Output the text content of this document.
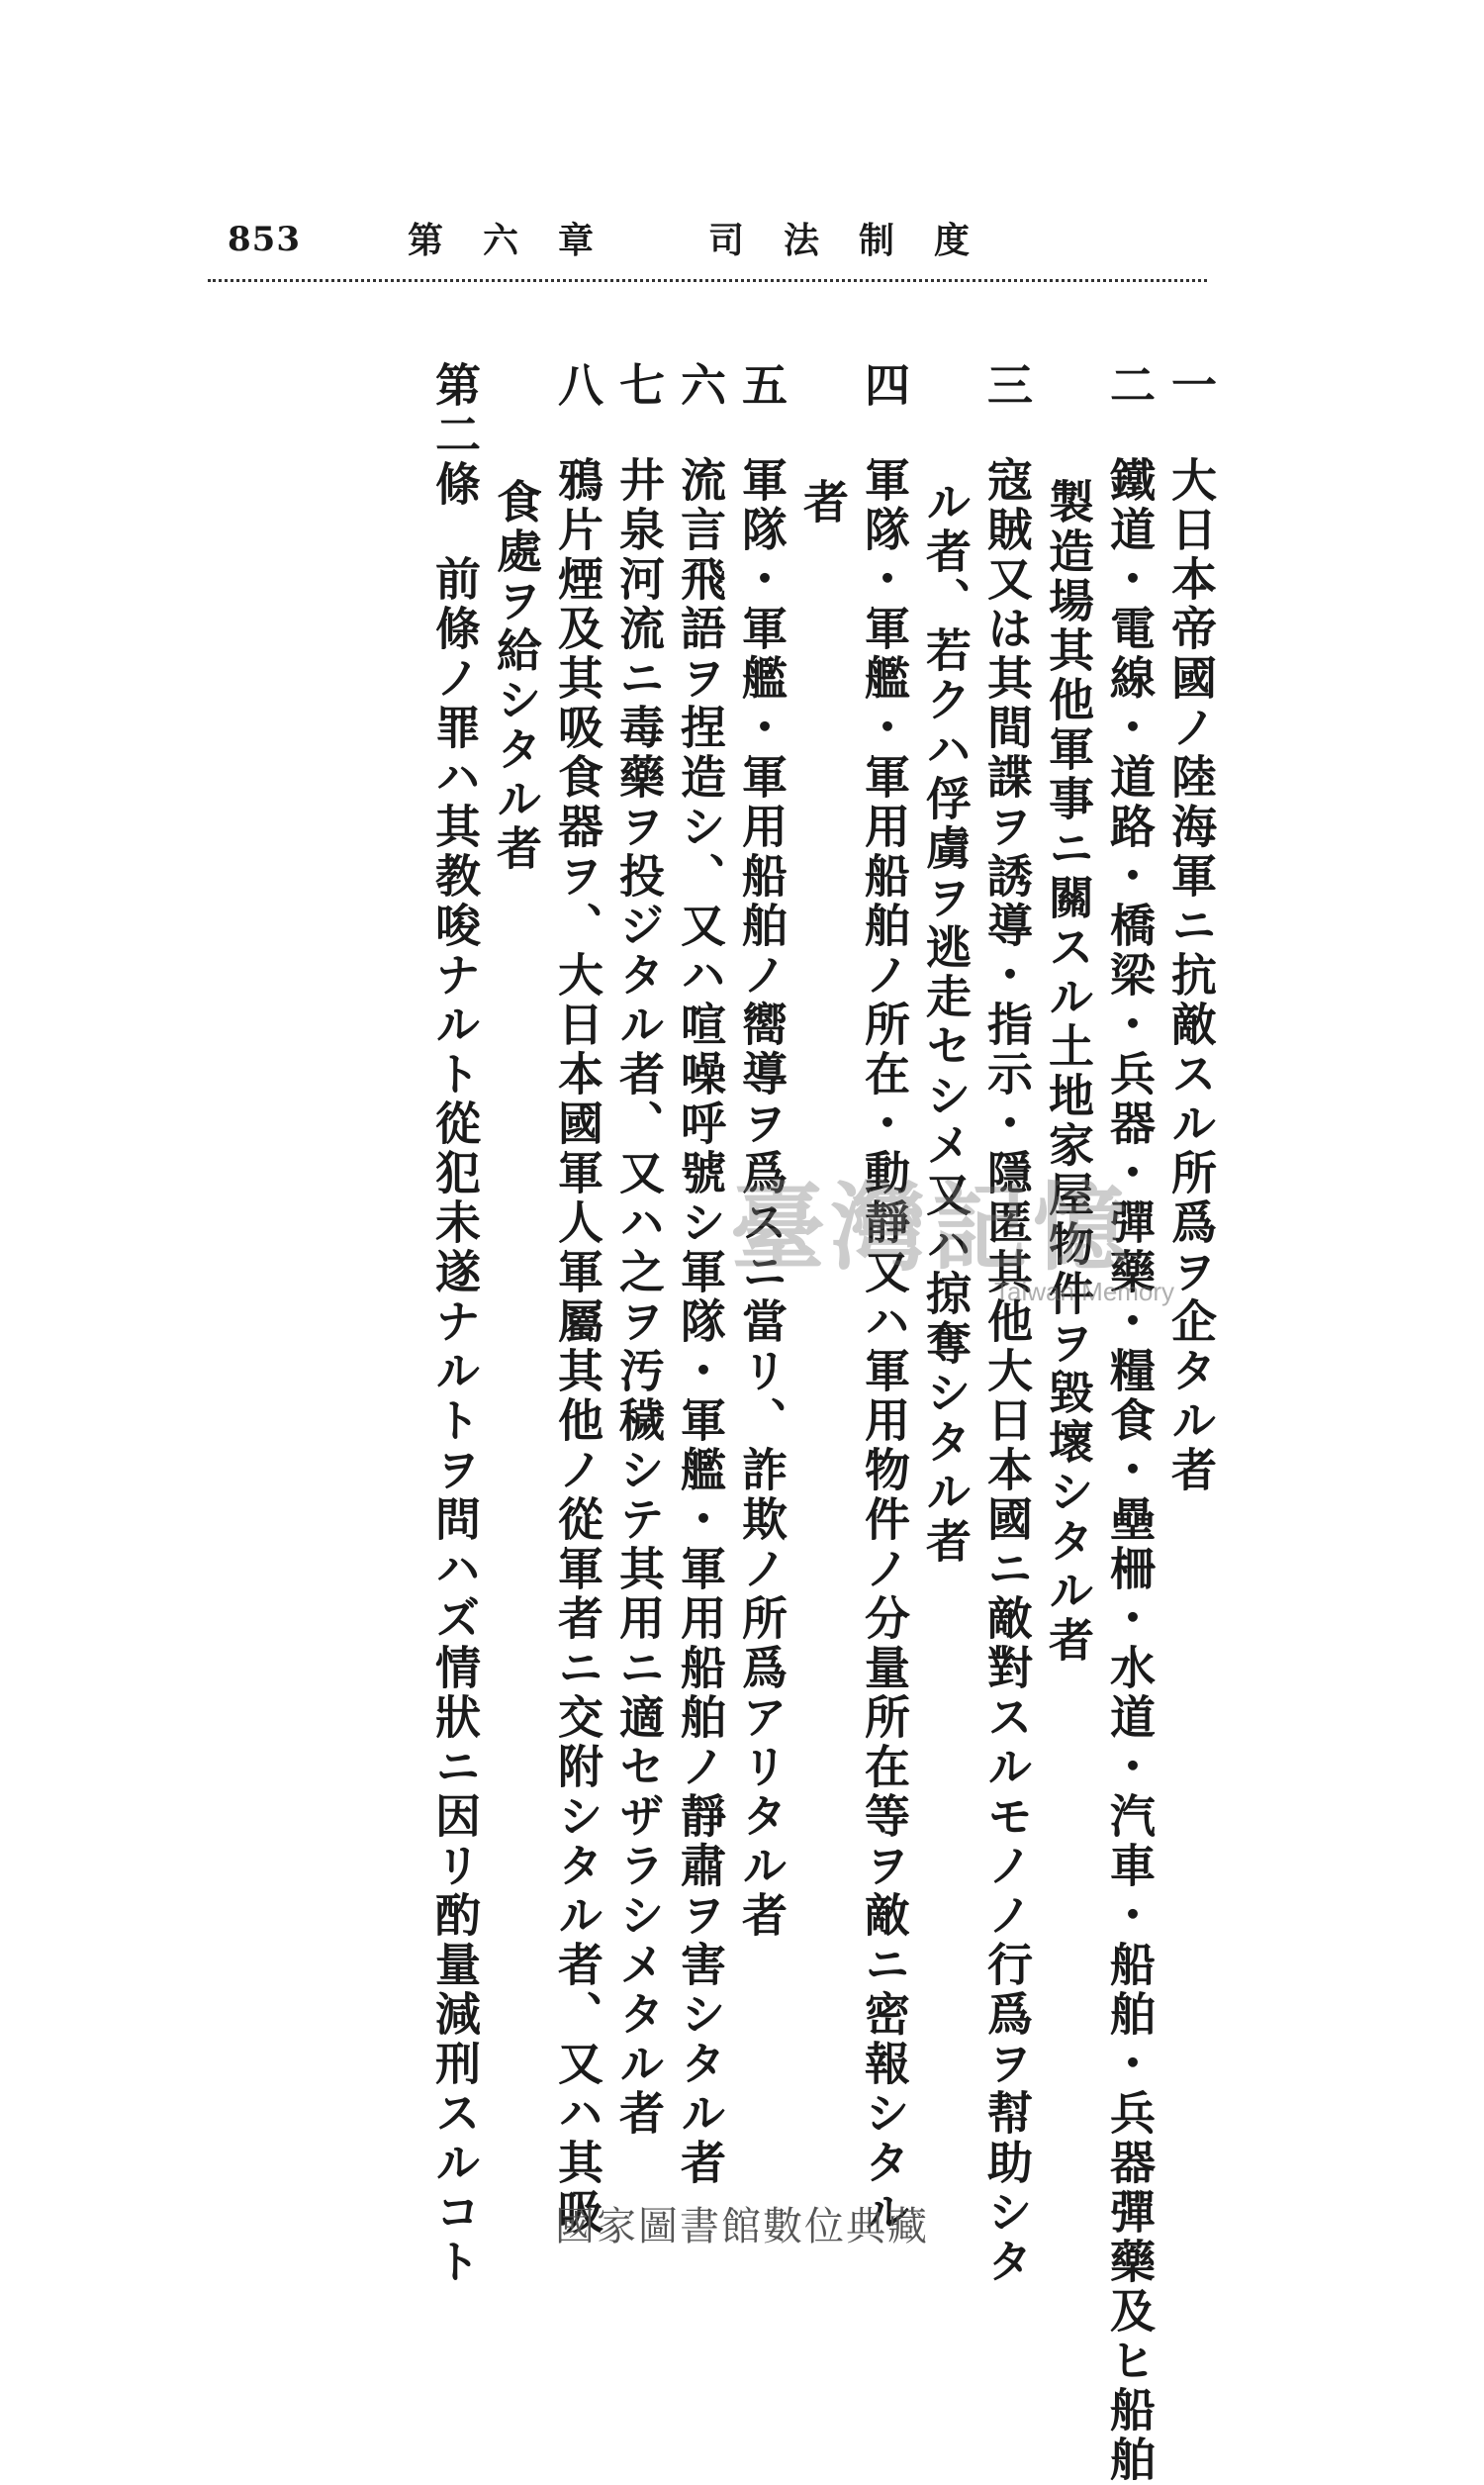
853	第六章　司法制度
一大日本帝國ノ陸海軍ニ抗敵スル所爲ヲ企タル者
二鐵道・電線・道路・橋梁・兵器・彈藥・糧食・壘柵・水道・汽車・船舶・兵器彈藥及ヒ船舶
製造場其他軍事ニ關スル土地家屋物件ヲ毀壞シタル者
三寇賊又は其間諜ヲ誘導・指示・隱匿其他大日本國ニ敵對スルモノノ行爲ヲ幇助シタ
ル者、若クハ俘虜ヲ逃走セシメ又ハ掠奪シタル者
四軍隊・軍艦・軍用船舶ノ所在・動靜又ハ軍用物件ノ分量所在等ヲ敵ニ密報シタル
者
五軍隊・軍艦・軍用船舶ノ嚮導ヲ爲スニ當リ、詐欺ノ所爲アリタル者
六流言飛語ヲ捏造シ、又ハ喧噪呼號シ軍隊・軍艦・軍用船舶ノ靜肅ヲ害シタル者
七井泉河流ニ毒藥ヲ投ジタル者、又ハ之ヲ汚穢シテ其用ニ適セザラシメタル者
八鴉片煙及其吸食器ヲ、大日本國軍人軍屬其他ノ從軍者ニ交附シタル者、又ハ其吸
食處ヲ給シタル者
第二條前條ノ罪ハ其教唆ナルト從犯未遂ナルトヲ問ハズ情狀ニ因リ酌量減刑スルコト	臺灣記憶
Taiwan Memory
國家圖書館數位典藏
